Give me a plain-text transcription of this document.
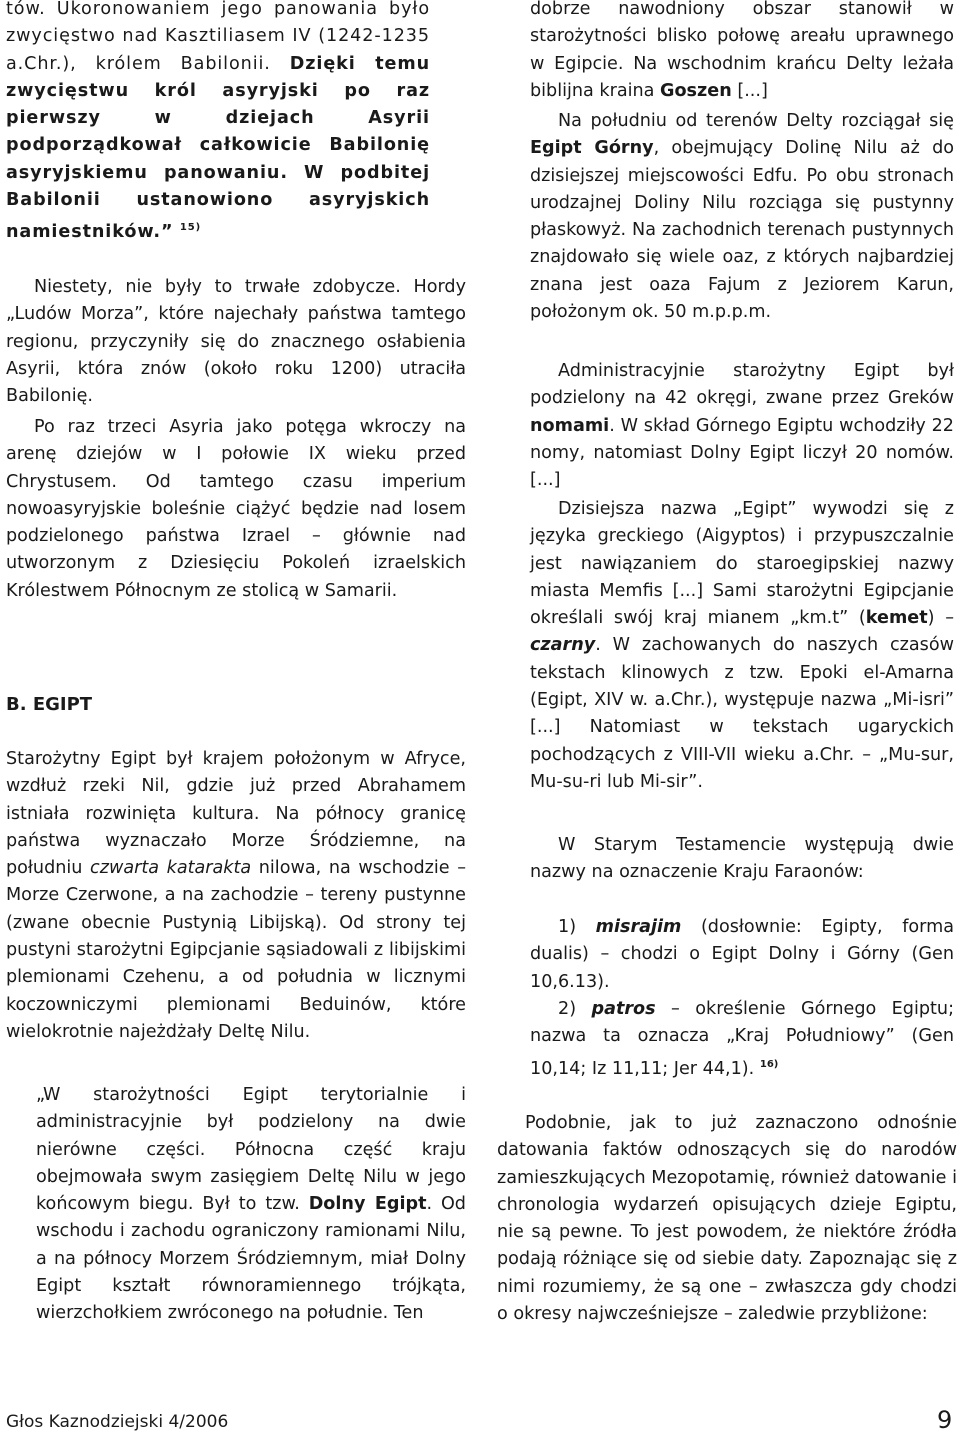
tów. Ukoronowaniem jego panowania było zwycięstwo nad Kasztiliasem IV (1242-1235 a.Chr.), królem Babilonii. Dzięki temu zwycięstwu król asyryjski po raz pierwszy w dziejach Asyrii podporządkował całkowicie Babilonię asyryjskiemu panowaniu. W podbitej Babilonii ustanowiono asyryjskich namiestników.” $^{15)}$

Niestety, nie były to trwałe zdobycze. Hordy „Ludów Morza”, które najechały państwa tamtego regionu, przyczyniły się do znacznego osłabienia Asyrii, która znów (około roku 1200) utraciła Babilonię.

Po raz trzeci Asyria jako potęga wkroczy na arenę dziejów w I połowie IX wieku przed Chrystusem. Od tamtego czasu imperium nowoasyryjskie boleśnie ciążyć będzie nad losem podzielonego państwa Izrael – głównie nad utworzonym z Dziesięciu Pokoleń izraelskich Królestwem Północnym ze stolicą w Samarii.

B. EGIPT

Starożytny Egipt był krajem położonym w Afryce, wzdłuż rzeki Nil, gdzie już przed Abrahamem istniała rozwinięta kultura. Na północy granicę państwa wyznaczało Morze Śródziemne, na południu czwarta katarakta nilowa, na wschodzie – Morze Czerwone, a na zachodzie – tereny pustynne (zwane obecnie Pustynią Libijską). Od strony tej pustyni starożytni Egipcjanie sąsiadowali z libijskimi plemionami Czehenu, a od południa w licznymi koczowniczymi plemionami Beduinów, które wielokrotnie najeżdżały Deltę Nilu.

„W starożytności Egipt terytorialnie i administracyjnie był podzielony na dwie nierówne części. Północna część kraju obejmowała swym zasięgiem Deltę Nilu w jego końcowym biegu. Był to tzw. Dolny Egipt. Od wschodu i zachodu ograniczony ramionami Nilu, a na północy Morzem Śródziemnym, miał Dolny Egipt kształt równoramiennego trójkąta, wierzchołkiem zwróconego na południe. Ten

dobrze nawodniony obszar stanowił w starożytności blisko połowę areału uprawnego w Egipcie. Na wschodnim krańcu Delty leżała biblijna kraina Goszen [...]

Na południu od terenów Delty rozciągał się Egipt Górny, obejmujący Dolinę Nilu aż do dzisiejszej miejscowości Edfu. Po obu stronach urodzajnej Doliny Nilu rozciąga się pustynny płaskowyż. Na zachodnich terenach pustynnych znajdowało się wiele oaz, z których najbardziej znana jest oaza Fajum z Jeziorem Karun, położonym ok. 50 m.p.p.m.

Administracyjnie starożytny Egipt był podzielony na 42 okręgi, zwane przez Greków nomami. W skład Górnego Egiptu wchodziły 22 nomy, natomiast Dolny Egipt liczył 20 nomów. [...]

Dzisiejsza nazwa „Egipt” wywodzi się z języka greckiego (Aigyptos) i przypuszczalnie jest nawiązaniem do staroegipskiej nazwy miasta Memfis [...] Sami starożytni Egipcjanie określali swój kraj mianem „km.t” (kemet) – czarny. W zachowanych do naszych czasów tekstach klinowych z tzw. Epoki el-Amarna (Egipt, XIV w. a.Chr.), występuje nazwa „Mi-isri” [...] Natomiast w tekstach ugaryckich pochodzących z VIII-VII wieku a.Chr. – „Mu-sur, Mu-su-ri lub Mi-sir”.

W Starym Testamencie występują dwie nazwy na oznaczenie Kraju Faraonów:

1) misrajim (dosłownie: Egipty, forma dualis) – chodzi o Egipt Dolny i Górny (Gen 10,6.13).

2) patros – określenie Górnego Egiptu; nazwa ta oznacza „Kraj Południowy” (Gen 10,14; Iz 11,11; Jer 44,1). $^{16)}$

Podobnie, jak to już zaznaczono odnośnie datowania faktów odnoszących się do narodów zamieszkujących Mezopotamię, również datowanie i chronologia wydarzeń opisujących dzieje Egiptu, nie są pewne. To jest powodem, że niektóre źródła podają różniące się od siebie daty. Zapoznając się z nimi rozumiemy, że są one – zwłaszcza gdy chodzi o okresy najwcześniejsze – zaledwie przybliżone:

Głos Kaznodziejski 4/2006	9
